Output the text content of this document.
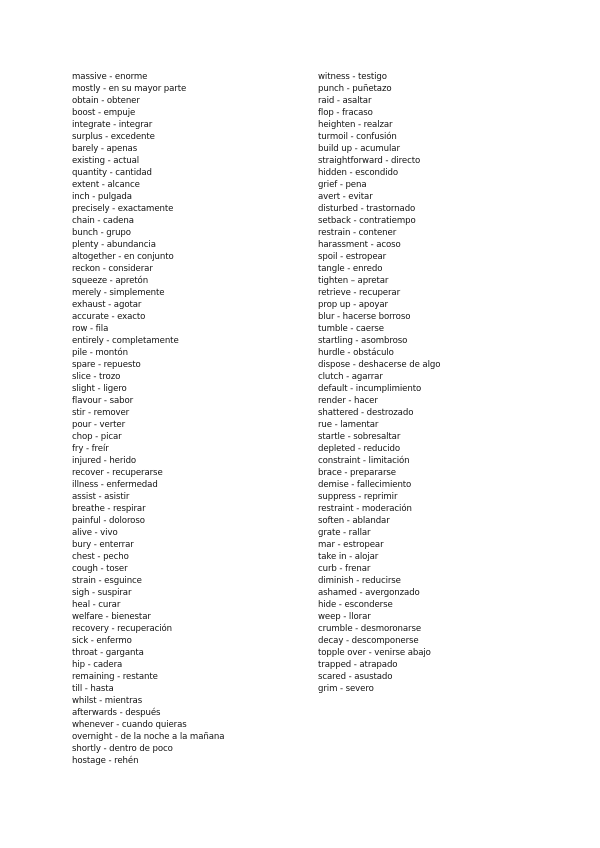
massive - enorme
mostly - en su mayor parte
obtain - obtener
boost - empuje
integrate - integrar
surplus - excedente
barely - apenas
existing - actual
quantity - cantidad
extent - alcance
inch - pulgada
precisely - exactamente
chain - cadena
bunch - grupo
plenty - abundancia
altogether - en conjunto
reckon - considerar
squeeze - apretón
merely - simplemente
exhaust - agotar
accurate - exacto
row - fila
entirely - completamente
pile - montón
spare - repuesto
slice - trozo
slight - ligero
flavour - sabor
stir - remover
pour - verter
chop - picar
fry - freír
injured - herido
recover - recuperarse
illness - enfermedad
assist - asistir
breathe - respirar
painful - doloroso
alive - vivo
bury - enterrar
chest - pecho
cough - toser
strain - esguince
sigh - suspirar
heal - curar
welfare - bienestar
recovery - recuperación
sick - enfermo
throat - garganta
hip - cadera
remaining - restante
till - hasta
whilst - mientras
afterwards - después
whenever - cuando quieras
overnight - de la noche a la mañana
shortly - dentro de poco
hostage - rehén
witness - testigo
punch - puñetazo
raid - asaltar
flop - fracaso
heighten - realzar
turmoil - confusión
build up - acumular
straightforward - directo
hidden - escondido
grief - pena
avert - evitar
disturbed - trastornado
setback - contratiempo
restrain - contener
harassment - acoso
spoil - estropear
tangle - enredo
tighten – apretar
retrieve - recuperar
prop up - apoyar
blur - hacerse borroso
tumble - caerse
startling - asombroso
hurdle - obstáculo
dispose - deshacerse de algo
clutch - agarrar
default - incumplimiento
render - hacer
shattered - destrozado
rue - lamentar
startle - sobresaltar
depleted - reducido
constraint - limitación
brace - prepararse
demise - fallecimiento
suppress - reprimir
restraint - moderación
soften - ablandar
grate - rallar
mar - estropear
take in - alojar
curb - frenar
diminish - reducirse
ashamed - avergonzado
hide - esconderse
weep - llorar
crumble - desmoronarse
decay - descomponerse
topple over - venirse abajo
trapped - atrapado
scared - asustado
grim - severo
